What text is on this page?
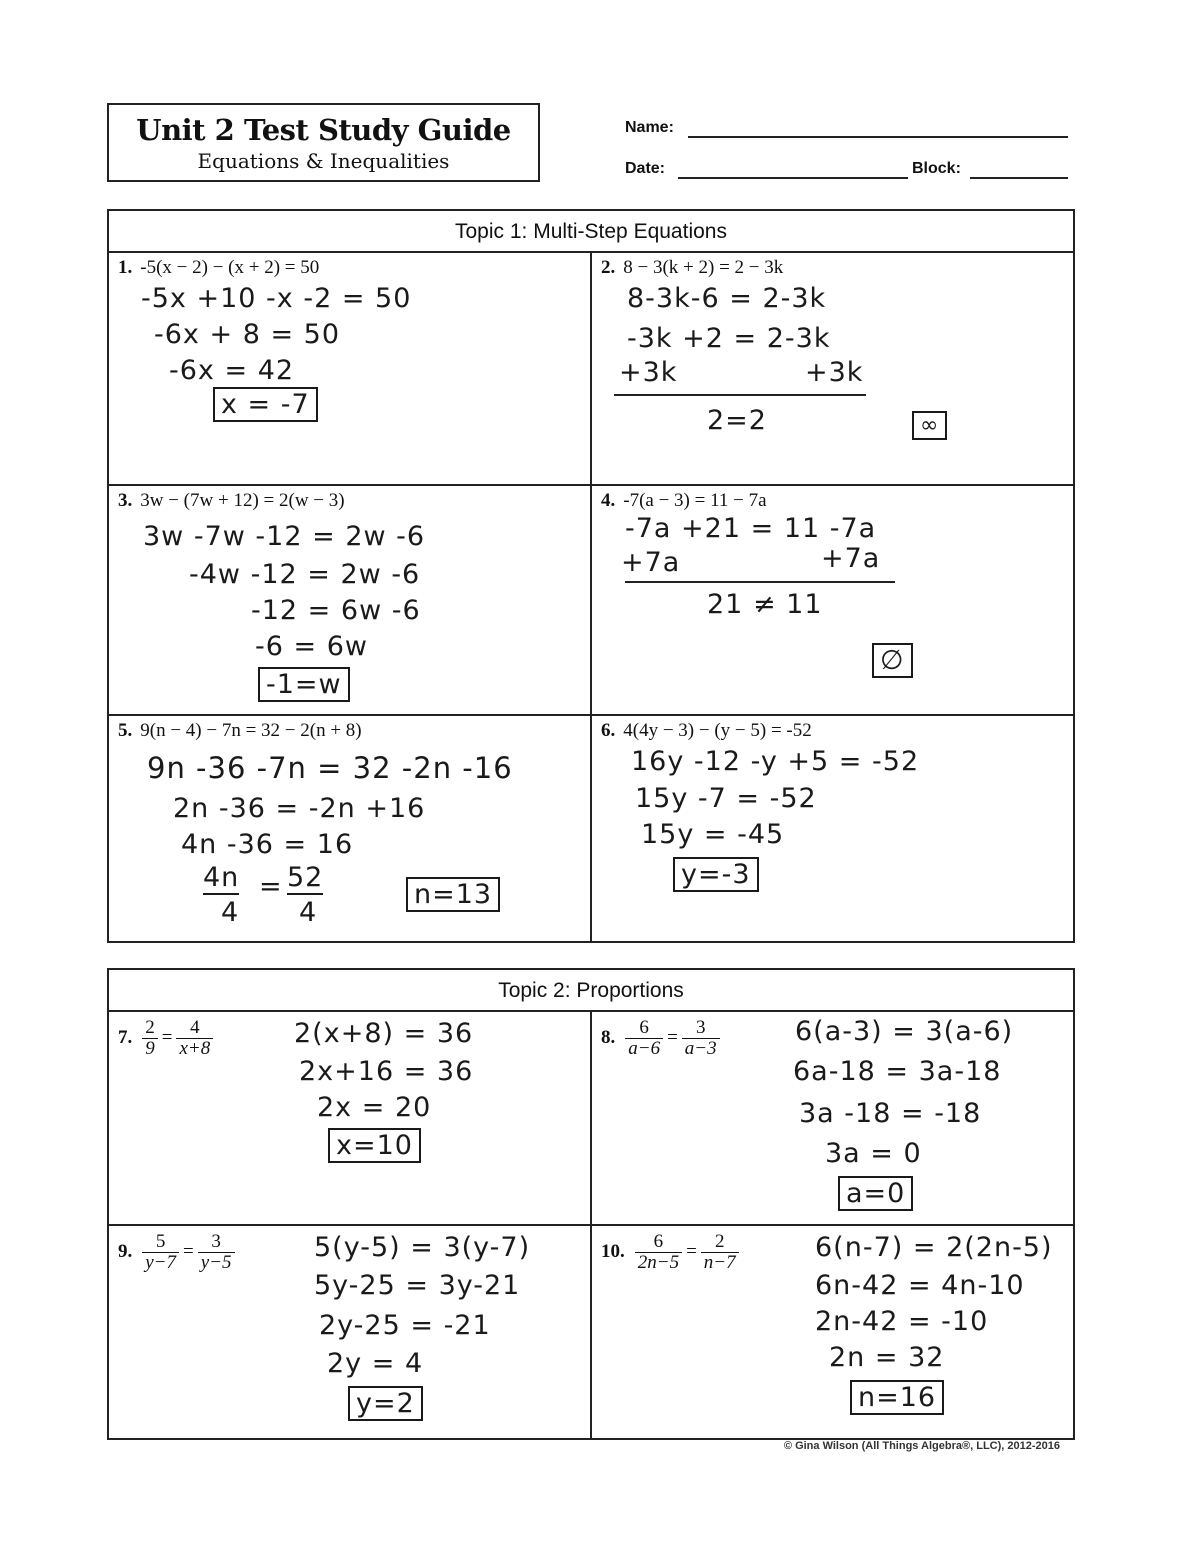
Unit 2 Test Study Guide
Equations & Inequalities
Name:
Date:	Block:
Topic 1: Multi-Step Equations
1. -5(x − 2) − (x + 2) = 50
-5x +10 -x -2 = 50
-6x + 8 = 50
-6x = 42
x = -7
2. 8 − 3(k + 2) = 2 − 3k
8-3k-6 = 2-3k
-3k +2 = 2-3k
+3k	+3k
2=2	∞
3. 3w − (7w + 12) = 2(w − 3)
3w -7w -12 = 2w -6
-4w -12 = 2w -6
-12 = 6w -6
-6 = 6w
-1=w
4. -7(a − 3) = 11 − 7a
-7a +21 = 11 -7a
+7a	+7a
21 ≠ 11
∅
5. 9(n − 4) − 7n = 32 − 2(n + 8)
9n -36 -7n = 32 -2n -16
2n -36 = -2n +16
4n -36 = 16
4n
4
= 52
4
n=13
6. 4(4y − 3) − (y − 5) = -52
16y -12 -y +5 = -52
15y -7 = -52
15y = -45
y=-3
Topic 2: Proportions
7. $\frac{2}{9} = \frac{4}{x+8}$	2(x+8) = 36
2x+16 = 36
2x = 20
x=10
8. $\frac{6}{a-6} = \frac{3}{a-3}$	6(a-3) = 3(a-6)
6a-18 = 3a-18
3a -18 = -18
3a = 0
a=0
9. $\frac{5}{y-7} = \frac{3}{y-5}$	5(y-5) = 3(y-7)
5y-25 = 3y-21
2y-25 = -21
2y = 4
y=2
10. $\frac{6}{2n-5} = \frac{2}{n-7}$	6(n-7) = 2(2n-5)
6n-42 = 4n-10
2n-42 = -10
2n = 32
n=16
© Gina Wilson (All Things Algebra®, LLC), 2012-2016
